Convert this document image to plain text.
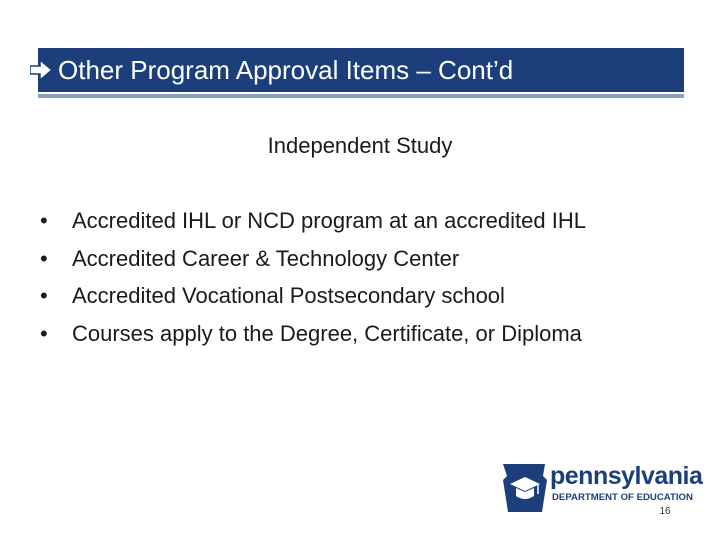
Other Program Approval Items – Cont’d
Independent Study
• Accredited IHL or NCD program at an accredited IHL
• Accredited Career & Technology Center
• Accredited Vocational Postsecondary school
• Courses apply to the Degree, Certificate, or Diploma
pennsylvania
DEPARTMENT OF EDUCATION
16
